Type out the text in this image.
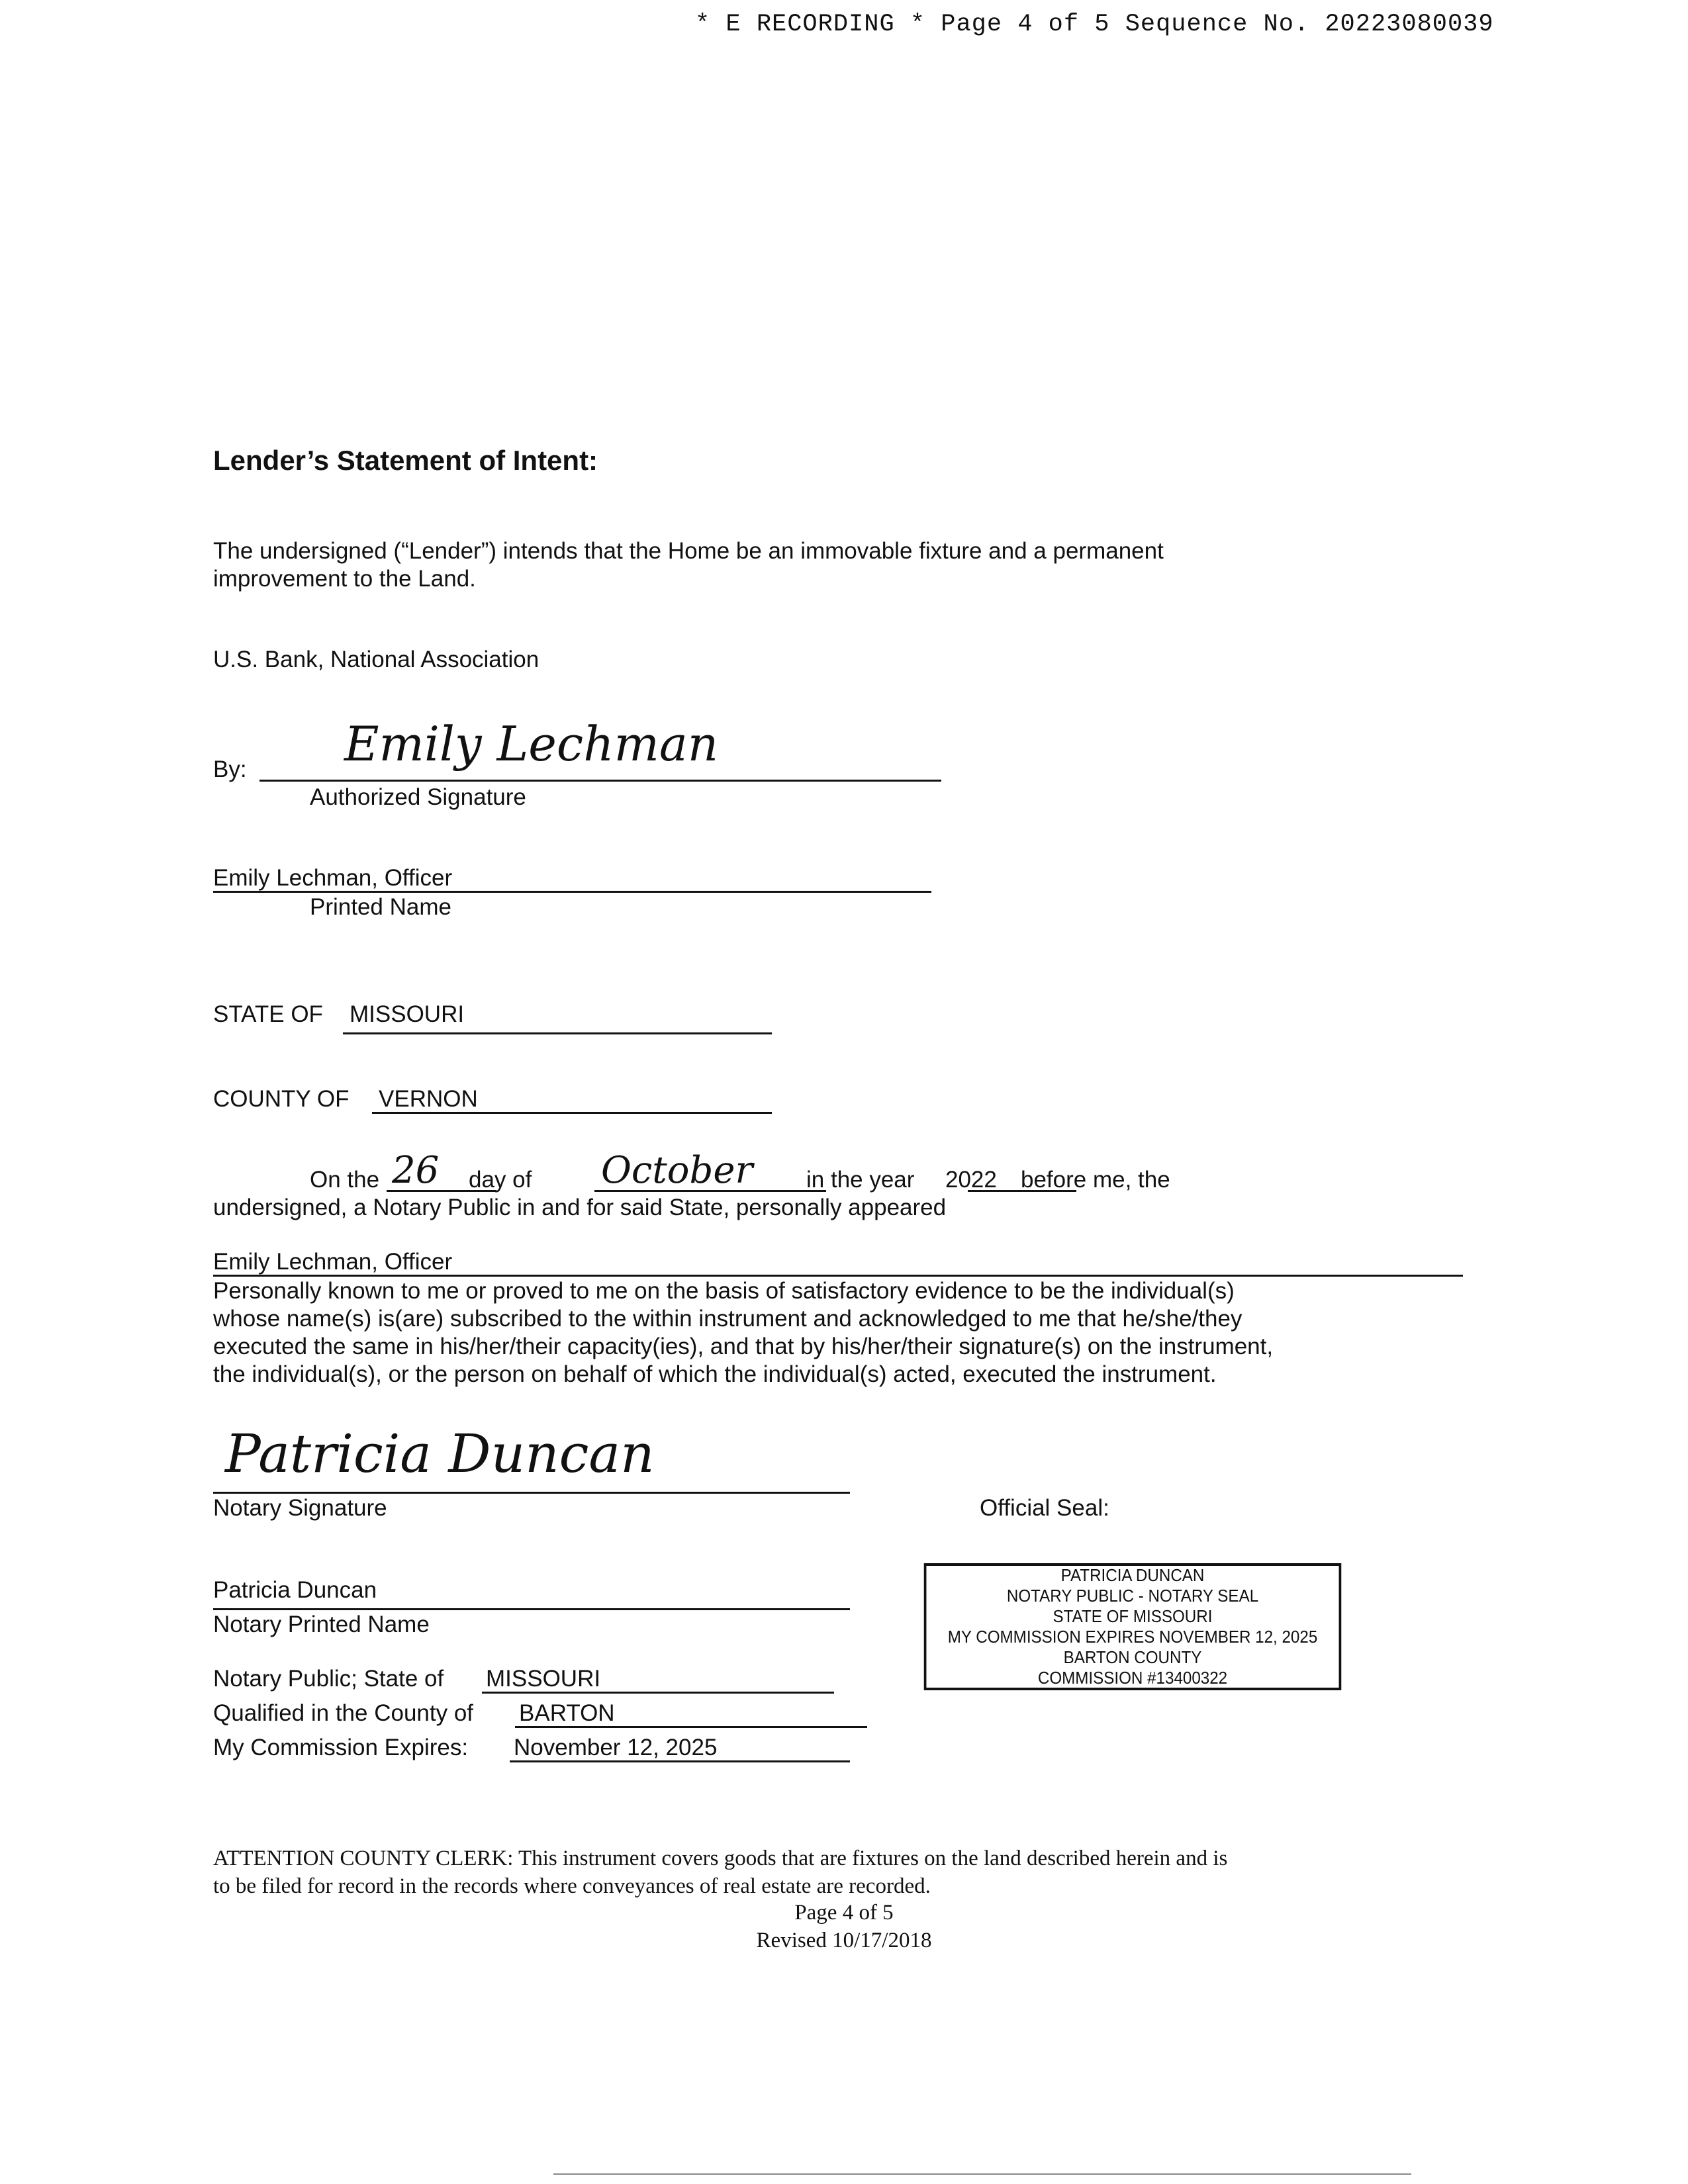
* E RECORDING * Page 4 of 5 Sequence No. 20223080039
Lender’s Statement of Intent:
The undersigned (“Lender”) intends that the Home be an immovable fixture and a permanent
improvement to the Land.
U.S. Bank, National Association
By: Emily Lechman
Authorized Signature
Emily Lechman, Officer
Printed Name
STATE OF MISSOURI
COUNTY OF VERNON
On the 26 day of October in the year 2022 before me, the
undersigned, a Notary Public in and for said State, personally appeared
Emily Lechman, Officer
Personally known to me or proved to me on the basis of satisfactory evidence to be the individual(s)
whose name(s) is(are) subscribed to the within instrument and acknowledged to me that he/she/they
executed the same in his/her/their capacity(ies), and that by his/her/their signature(s) on the instrument,
the individual(s), or the person on behalf of which the individual(s) acted, executed the instrument.
Patricia Duncan
Notary Signature	Official Seal:
Patricia Duncan
Notary Printed Name
Notary Public; State of MISSOURI
Qualified in the County of BARTON
My Commission Expires: November 12, 2025
PATRICIA DUNCAN
NOTARY PUBLIC - NOTARY SEAL
STATE OF MISSOURI
MY COMMISSION EXPIRES NOVEMBER 12, 2025
BARTON COUNTY
COMMISSION #13400322
ATTENTION COUNTY CLERK: This instrument covers goods that are fixtures on the land described herein and is
to be filed for record in the records where conveyances of real estate are recorded.
Page 4 of 5
Revised 10/17/2018
